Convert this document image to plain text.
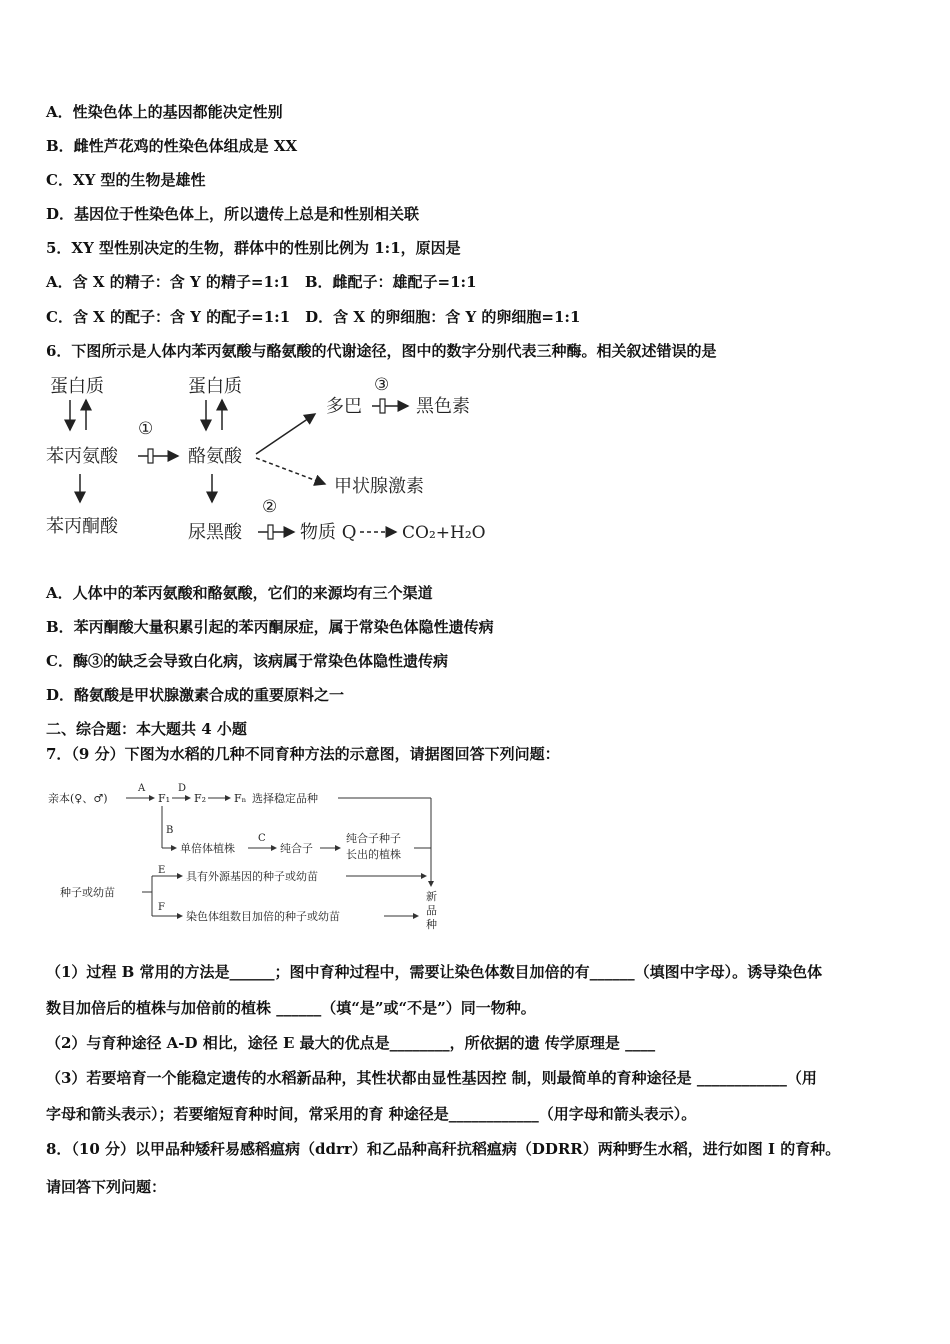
A．性染色体上的基因都能决定性别
B．雌性芦花鸡的性染色体组成是 XX
C．XY 型的生物是雄性
D．基因位于性染色体上，所以遗传上总是和性别相关联
5．XY 型性别决定的生物，群体中的性别比例为 1:1，原因是
A．含 X 的精子：含 Y 的精子=1:1　B．雌配子：雄配子=1:1
C．含 X 的配子：含 Y 的配子=1:1　D．含 X 的卵细胞：含 Y 的卵细胞=1:1
6．下图所示是人体内苯丙氨酸与酪氨酸的代谢途径，图中的数字分别代表三种酶。相关叙述错误的是
蛋白质	蛋白质
苯丙氨酸
①
酪氨酸
多巴
③
黑色素
甲状腺激素
苯丙酮酸	尿黑酸
②
物质 Q	CO₂+H₂O
A．人体中的苯丙氨酸和酪氨酸，它们的来源均有三个渠道
B．苯丙酮酸大量积累引起的苯丙酮尿症，属于常染色体隐性遗传病
C．酶③的缺乏会导致白化病，该病属于常染色体隐性遗传病
D．酪氨酸是甲状腺激素合成的重要原料之一
二、综合题：本大题共 4 小题
7．（9 分）下图为水稻的几种不同育种方法的示意图，请据图回答下列问题：
亲本(♀、♂)
A
F₁
D
F₂	Fₙ 选择稳定品种
B
单倍体植株
C
纯合子
纯合子种子
长出的植株
种子或幼苗
E 具有外源基因的种子或幼苗
F
染色体组数目加倍的种子或幼苗
新
品
种
（1）过程 B 常用的方法是______；图中育种过程中，需要让染色体数目加倍的有______（填图中字母）。诱导染色体
数目加倍后的植株与加倍前的植株 ______（填“是”或“不是”）同一物种。
（2）与育种途径 A-D 相比，途径 E 最大的优点是________，所依据的遗 传学原理是 ____
（3）若要培育一个能稳定遗传的水稻新品种，其性状都由显性基因控 制，则最简单的育种途径是 ____________（用
字母和箭头表示）；若要缩短育种时间，常采用的育 种途径是____________（用字母和箭头表示）。
8．（10 分）以甲品种矮秆易感稻瘟病（ddrr）和乙品种高秆抗稻瘟病（DDRR）两种野生水稻，进行如图 I 的育种。
请回答下列问题：
